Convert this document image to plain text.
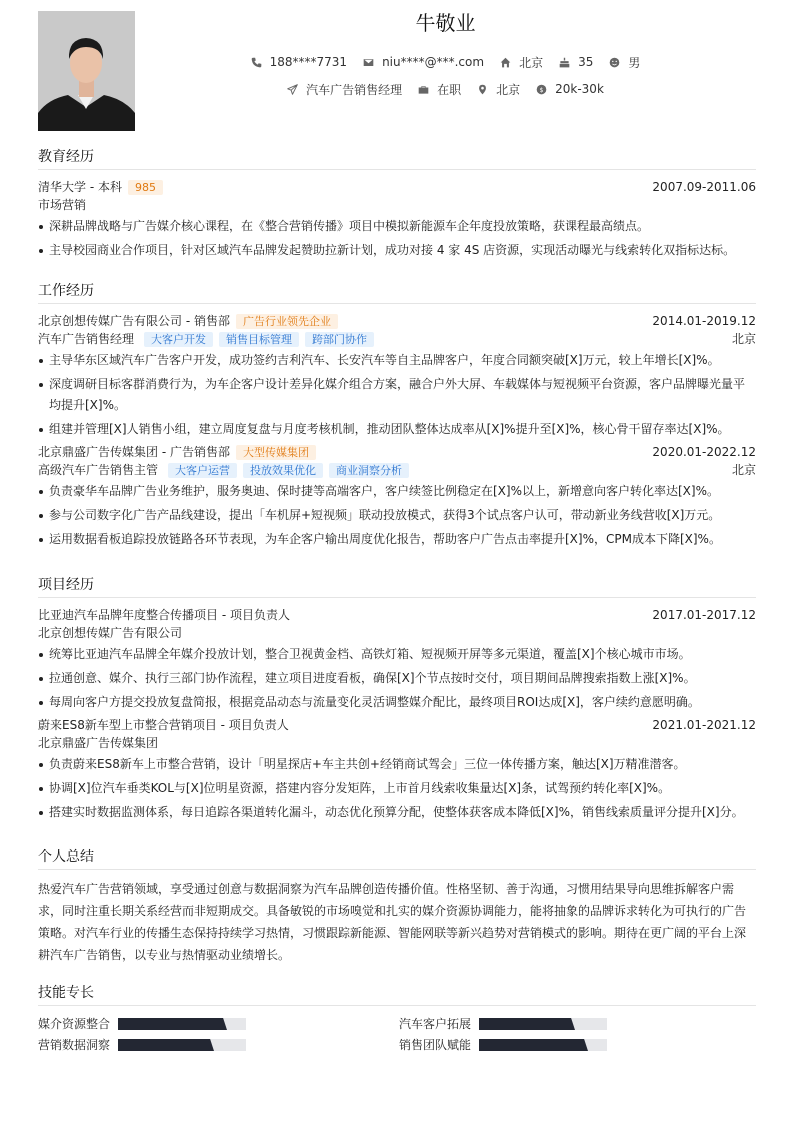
牛敬业
188****7731	niu****@***.com	北京	35	男
汽车广告销售经理	在职	北京 $ 20k-30k
教育经历
清华大学 - 本科	985	2007.09-2011.06
市场营销
深耕品牌战略与广告媒介核心课程，在《整合营销传播》项目中模拟新能源车企年度投放策略，获课程最高绩点。
主导校园商业合作项目，针对区域汽车品牌发起赞助拉新计划，成功对接 4 家 4S 店资源，实现活动曝光与线索转化双指标达标。
工作经历
北京创想传媒广告有限公司 - 销售部	广告行业领先企业	2014.01-2019.12
汽车广告销售经理	大客户开发	销售目标管理	跨部门协作	北京
主导华东区域汽车广告客户开发，成功签约吉利汽车、长安汽车等自主品牌客户，年度合同额突破[X]万元，较上年增长[X]%。
深度调研目标客群消费行为，为车企客户设计差异化媒介组合方案，融合户外大屏、车载媒体与短视频平台资源，客户品牌曝光量平均提升[X]%。
组建并管理[X]人销售小组，建立周度复盘与月度考核机制，推动团队整体达成率从[X]%提升至[X]%，核心骨干留存率达[X]%。
北京鼎盛广告传媒集团 - 广告销售部	大型传媒集团	2020.01-2022.12
高级汽车广告销售主管	大客户运营	投放效果优化	商业洞察分析	北京
负责豪华车品牌广告业务维护，服务奥迪、保时捷等高端客户，客户续签比例稳定在[X]%以上，新增意向客户转化率达[X]%。
参与公司数字化广告产品线建设，提出「车机屏+短视频」联动投放模式，获得3个试点客户认可，带动新业务线营收[X]万元。
运用数据看板追踪投放链路各环节表现，为车企客户输出周度优化报告，帮助客户广告点击率提升[X]%，CPM成本下降[X]%。
项目经历
比亚迪汽车品牌年度整合传播项目 - 项目负责人	2017.01-2017.12
北京创想传媒广告有限公司
统筹比亚迪汽车品牌全年媒介投放计划，整合卫视黄金档、高铁灯箱、短视频开屏等多元渠道，覆盖[X]个核心城市市场。
拉通创意、媒介、执行三部门协作流程，建立项目进度看板，确保[X]个节点按时交付，项目期间品牌搜索指数上涨[X]%。
每周向客户方提交投放复盘简报，根据竞品动态与流量变化灵活调整媒介配比，最终项目ROI达成[X]，客户续约意愿明确。
蔚来ES8新车型上市整合营销项目 - 项目负责人	2021.01-2021.12
北京鼎盛广告传媒集团
负责蔚来ES8新车上市整合营销，设计「明星探店+车主共创+经销商试驾会」三位一体传播方案，触达[X]万精准潜客。
协调[X]位汽车垂类KOL与[X]位明星资源，搭建内容分发矩阵，上市首月线索收集量达[X]条，试驾预约转化率[X]%。
搭建实时数据监测体系，每日追踪各渠道转化漏斗，动态优化预算分配，使整体获客成本降低[X]%，销售线索质量评分提升[X]分。
个人总结

热爱汽车广告营销领域，享受通过创意与数据洞察为汽车品牌创造传播价值。性格坚韧、善于沟通，习惯用结果导向思维拆解客户需求，同时注重长期关系经营而非短期成交。具备敏锐的市场嗅觉和扎实的媒介资源协调能力，能将抽象的品牌诉求转化为可执行的广告策略。对汽车行业的传播生态保持持续学习热情，习惯跟踪新能源、智能网联等新兴趋势对营销模式的影响。期待在更广阔的平台上深耕汽车广告销售，以专业与热情驱动业绩增长。

技能专长
媒介资源整合	汽车客户拓展
营销数据洞察	销售团队赋能
